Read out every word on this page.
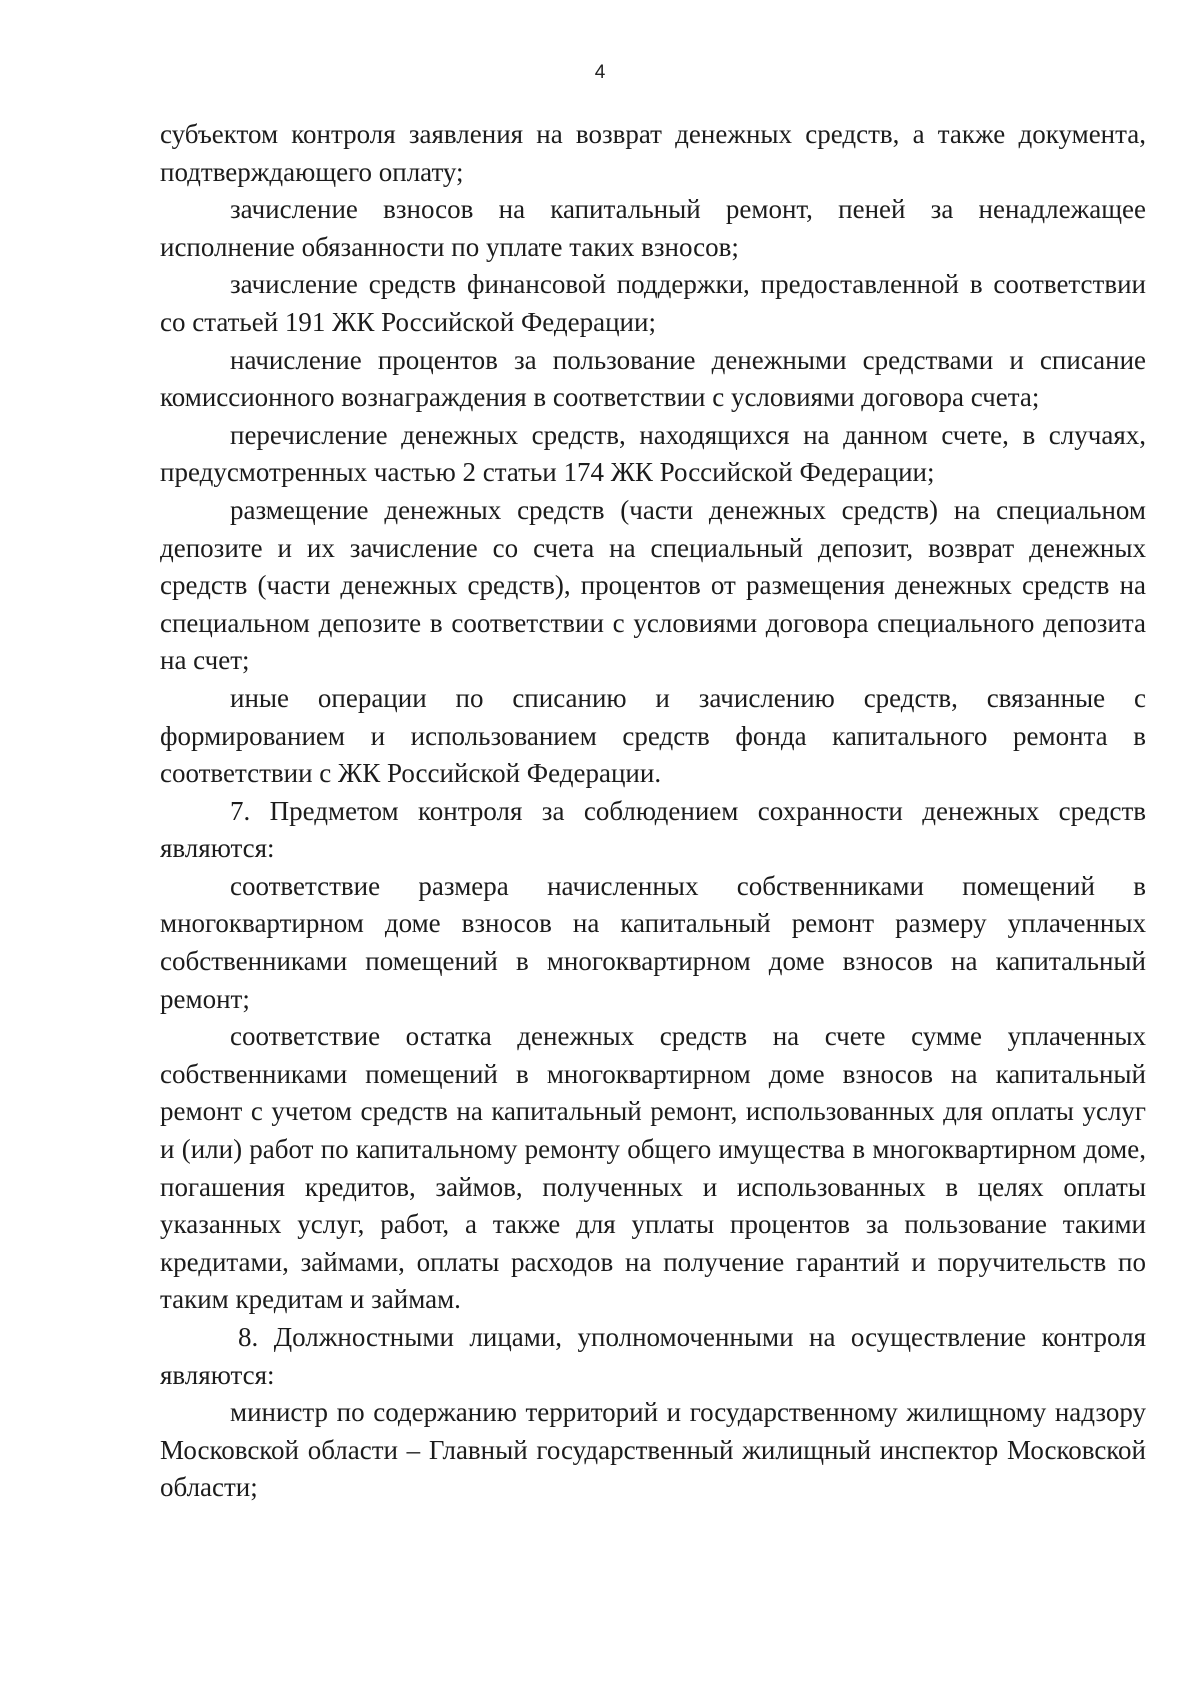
4

субъектом контроля заявления на возврат денежных средств, а также документа, подтверждающего оплату;

зачисление взносов на капитальный ремонт, пеней за ненадлежащее исполнение обязанности по уплате таких взносов;

зачисление средств финансовой поддержки, предоставленной в соответствии со статьей 191 ЖК Российской Федерации;

начисление процентов за пользование денежными средствами и списание комиссионного вознаграждения в соответствии с условиями договора счета;

перечисление денежных средств, находящихся на данном счете, в случаях, предусмотренных частью 2 статьи 174 ЖК Российской Федерации;

размещение денежных средств (части денежных средств) на специальном депозите и их зачисление со счета на специальный депозит, возврат денежных средств (части денежных средств), процентов от размещения денежных средств на специальном депозите в соответствии с условиями договора специального депозита на счет;

иные операции по списанию и зачислению средств, связанные с формированием и использованием средств фонда капитального ремонта в соответствии с ЖК Российской Федерации.

7. Предметом контроля за соблюдением сохранности денежных средств являются:

соответствие размера начисленных собственниками помещений в многоквартирном доме взносов на капитальный ремонт размеру уплаченных собственниками помещений в многоквартирном доме взносов на капитальный ремонт;

соответствие остатка денежных средств на счете сумме уплаченных собственниками помещений в многоквартирном доме взносов на капитальный ремонт с учетом средств на капитальный ремонт, использованных для оплаты услуг и (или) работ по капитальному ремонту общего имущества в многоквартирном доме, погашения кредитов, займов, полученных и использованных в целях оплаты указанных услуг, работ, а также для уплаты процентов за пользование такими кредитами, займами, оплаты расходов на получение гарантий и поручительств по таким кредитам и займам.

8. Должностными лицами, уполномоченными на осуществление контроля являются:

министр по содержанию территорий и государственному жилищному надзору Московской области – Главный государственный жилищный инспектор Московской области;
